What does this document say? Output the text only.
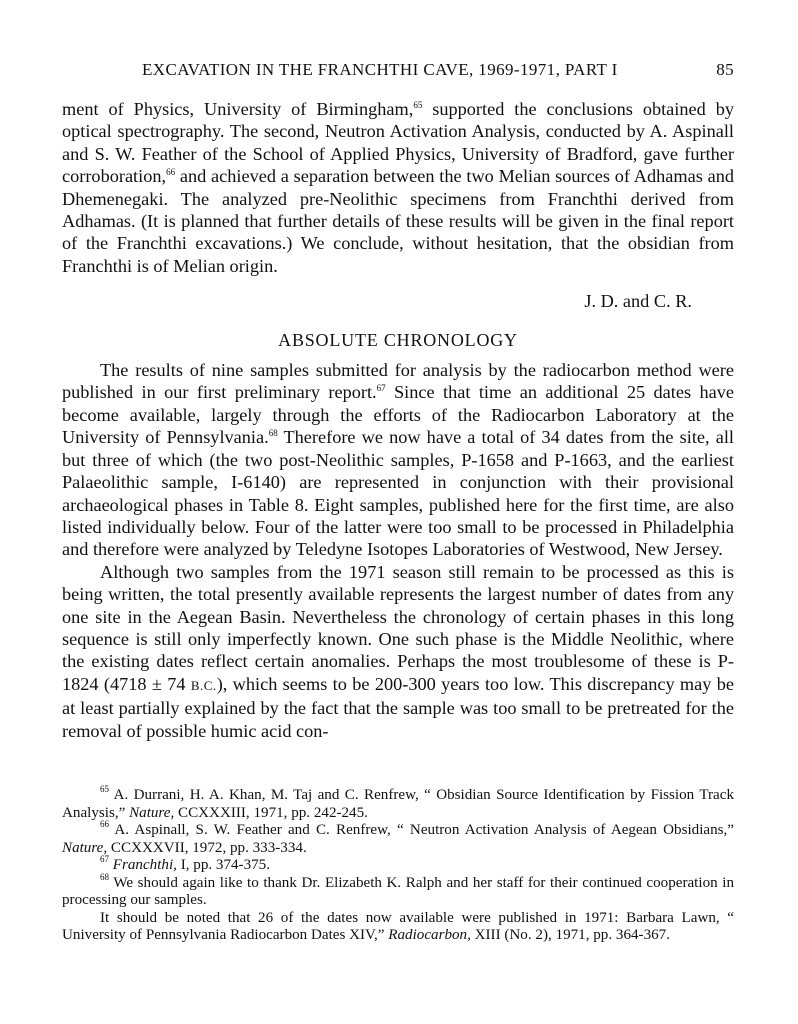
EXCAVATION IN THE FRANCHTHI CAVE, 1969-1971, PART I	85

ment of Physics, University of Birmingham,$^{65}$ supported the conclusions obtained by optical spectrography. The second, Neutron Activation Analysis, conducted by A. Aspinall and S. W. Feather of the School of Applied Physics, University of Bradford, gave further corroboration,$^{66}$ and achieved a separation between the two Melian sources of Adhamas and Dhemenegaki. The analyzed pre-Neolithic specimens from Franchthi derived from Adhamas. (It is planned that further details of these results will be given in the final report of the Franchthi excavations.) We conclude, without hesitation, that the obsidian from Franchthi is of Melian origin.

J. D. and C. R.
ABSOLUTE CHRONOLOGY

The results of nine samples submitted for analysis by the radiocarbon method were published in our first preliminary report.$^{67}$ Since that time an additional 25 dates have become available, largely through the efforts of the Radiocarbon Laboratory at the University of Pennsylvania.$^{68}$ Therefore we now have a total of 34 dates from the site, all but three of which (the two post-Neolithic samples, P-1658 and P-1663, and the earliest Palaeolithic sample, I-6140) are represented in conjunction with their provisional archaeological phases in Table 8. Eight samples, published here for the first time, are also listed individually below. Four of the latter were too small to be processed in Philadelphia and therefore were analyzed by Teledyne Isotopes Laboratories of Westwood, New Jersey.

Although two samples from the 1971 season still remain to be processed as this is being written, the total presently available represents the largest number of dates from any one site in the Aegean Basin. Nevertheless the chronology of certain phases in this long sequence is still only imperfectly known. One such phase is the Middle Neolithic, where the existing dates reflect certain anomalies. Perhaps the most troublesome of these is P- 1824 (4718 ± 74 B.C.), which seems to be 200-300 years too low. This discrepancy may be at least partially explained by the fact that the sample was too small to be pretreated for the removal of possible humic acid con-

$^{65}$ A. Durrani, H. A. Khan, M. Taj and C. Renfrew, “ Obsidian Source Identification by Fission Track Analysis,” Nature, CCXXXIII, 1971, pp. 242-245.

$^{66}$ A. Aspinall, S. W. Feather and C. Renfrew, “ Neutron Activation Analysis of Aegean Obsidians,” Nature, CCXXXVII, 1972, pp. 333-334.

$^{67}$ Franchthi, I, pp. 374-375.

$^{68}$ We should again like to thank Dr. Elizabeth K. Ralph and her staff for their continued cooperation in processing our samples.

It should be noted that 26 of the dates now available were published in 1971: Barbara Lawn, “ University of Pennsylvania Radiocarbon Dates XIV,” Radiocarbon, XIII (No. 2), 1971, pp. 364-367.
